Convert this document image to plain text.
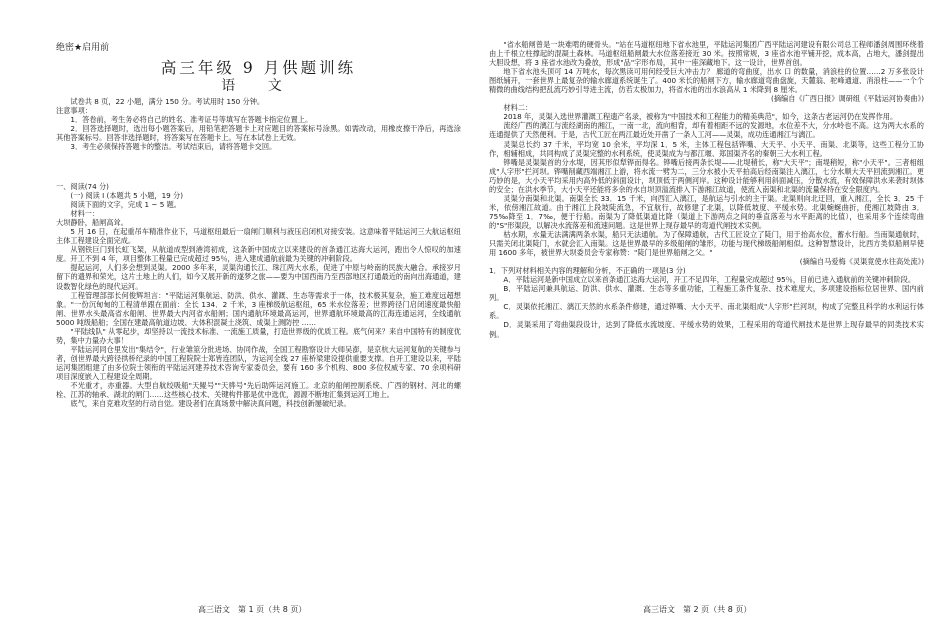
绝密★启用前
高三年级 9 月供题训练
语 文

试卷共 8 页，22 小题，满分 150 分。考试用时 150 分钟。

注意事项：

1．答卷前，考生务必将自己的姓名、准考证号等填写在答题卡指定位置上。

2．回答选择题时，选出每小题答案后，用铅笔把答题卡上对应题目的答案标号涂黑。如需改动，用橡皮擦干净后，再选涂其他答案标号。回答非选择题时，将答案写在答题卡上。写在本试卷上无效。

3．考生必须保持答题卡的整洁。考试结束后，请将答题卡交回。

一、阅读(74 分)

(一) 阅读 Ⅰ (本题共 5 小题，19 分)

阅读下面的文字，完成 1 ~ 5 题。

材料一：

大坝静卧，船闸高耸。

5 月 16 日，在起重吊车精准作业下，马道枢纽最后一扇闸门顺利与液压启闭机对接安装。这意味着平陆运河三大航运枢纽主体工程建设全面完成。

从钢铁巨门到长虹飞架，从航道成型到港湾初成，这条新中国成立以来建设的首条通江达海大运河，跑出令人惊叹的加速度。开工不到 4 年，项目整体工程量已完成超过 95％，进入建成通航前最为关键的冲刺阶段。

提起运河，人们多会想到灵渠。2000 多年来，灵渠沟通长江、珠江两大水系，促进了中原与岭南的民族大融合。承接岁月留下的遗界和荣光，这片土地上的人们，如今又展开新的遂梦之旅——要为中国西南乃至西部地区打通最近的南向出海通道，建设数智化绿色的现代运河。

工程管理部部长何俊辉坦言："平陆运河集航运、防洪、供水、灌溉、生态等需求于一体，技术极其复杂，施工难度远超想象。"一份沉甸甸的工程清单跟在面前：全长 134．2 千米，3 座梯级航运枢纽，65 米水位落差；世界跨径门启闭速度最快船闸、世界水头最高省水船闸、世界最大内河省水船闸；国内通航环境最高运河，世界通航环境最高的江海连通运河，全线通航 5000 吨级船舶；全国在建最高航道边坡、大体积混凝土浇筑、成渠上测防控 ……

"平陆线队" 从零起步，却坚持以一流技术标准、一流施工质量，打造世界级的优质工程。底气何来？来自中国特有的制度优势，集中力量办大事！

平陆运河同仓里发出"集结令"，行业雏筮分批进场、协同作战，全国工程勘察设计大师吴澎，是京杭大运河复航的关键参与者，创世界最大跨径拱桥纪录的中国工程院院士郑皆连团队，为运河全线 27 座桥梁建设提供重要支撑。自开工建设以来，平陆运河集团组建了由多位院士领衔的平陆运河建养技术咨询专家委员会，要有 160 多个机构、800 多位权威专家、70 余项科研项目深度嵌入工程建设全周期。

不光重才，亦重器。大型自航绞吸船"天鲲号""天骅号"先后助阵运河施工。北京的船闸控制系统、广西的钢材、河北的螺栓、江苏的轴承、湖北的闸门……这些核心技术、关键构件都是优中选优，源源不断地汇集到运河工地上。

底气，来自克难攻坚的行动自觉。建设者们在真场景中解决真问题，科技创新屡破纪录。

高三语文　第 1 页（共 8 页）

"省水船闸曾是一块难啃的硬骨头。"站在马道枢纽地下省水池里，平陆运河集团广西平陆运河建设有限公司总工程师潘剑周围环绕着由上千根立柱撑起的混凝土森林。马道枢纽船闸最大水位落差接近 30 米。按照常规，3 座省水池平铺开挖，成本高，占地大，潘剑提出大胆设想，将 3 座省水池改为叠放，形成"品"字形布局，其中一座深藏地下。这一设计，世界首创。

地下省水池头顶可 14 万吨水，每次黑读可用何经受巨大冲击力？ 廊道的弯曲度，出水 口 的数量，消浪柱的位置……2 万多张设计图纸铺开，一套世界上最复杂的输水廊道系统诞生了。400 米长的船闸下方，输水廊道弯曲盘旋，天麓翁、驼峰通道、消浪柱——一个个精微的曲线结构把乱流巧妙引导进主流，仿若太极加力，将省水池的出水浪高从 1 米降到 8 厘米。

(摘编自《广西日报》调研组《平陆运河协奏曲》)

材料二：

2018 年，灵渠入选世界灌溉工程遗产名录，被称为"中国技术和工程能力的精美典范"，如今，这条古老运河仍在发挥作用。

流经广西的漓江与流经湖南的湘江，一南一北，流向相背，却有着相距不远的发源地，水位差不大，分水岭也不高。这为两大水系的连通提供了天然便利。于是，古代工匠在两江最近处开凿了一条人工河——灵渠，成功连通湘江与漓江。

灵渠总长约 37 千米，平均宽 10 余米，平均深 1．5 米，主体工程包括铧嘴、大天平、小天平、南渠、北渠等，这些工程分工协作，相辅相成，共同构成了灵渠完整的水利系统，使灵渠成为与都江堰、郑国渠齐名的秦朝三大水利工程。

铧嘴是灵渠渠首的分水堤，因其形似犁铧而得名。铧嘴后接两条长堤——北堤稍长，称"大天平"；南堤稍短，称"小天平"。三者相组成"人字形"拦河坝。铧嘴削藏西端湘江上游，将水流一劈为二，三分水被小天平拍高后经南渠注入漓江，七分水顺大天平回流到湘江。更巧妙的是，大小天平均采用内高外低的斜面设计，坝顶低于两侧河岸。这种设计能够利用斜面减压，分散水流，有效保障洪水来袭时坝体的安全；在洪水季节，大小天平还能将多余的水自坝顶溢流排入下游湘江故道，使流入南渠和北渠的流量保持在安全限度内。

灵渠分南渠和北渠。南渠全长 33．15 千米，向西汇入漓江，是航运与引水的主干渠。北渠则向北迂回，重入湘江，全长 3．25 千米，依傍湘江故道。由于湘江上段坡陡流急，不宜航行，故修建了北渠，以降低坡度、平缓水势。北渠蜿蜒曲折，使湘江坡降由 3．75‰降至 1．7‰，便于行船。南渠为了降低渠道比降（渠道上下游两点之间的垂直落差与水平距离的比值），也采用多个连续弯曲的"S"形渠段，以解决水流落差和流速问题。这是世界上现存最早的弯道代闸技术实例。

枯水期，水量无法满满两条水渠，船只无法通航。为了保障通航，古代工匠设立了陡门，用于抬高水位，蓄水行船。当南渠通航时，只需关闭北渠陡门，水就会汇入南渠。这是世界最早的多级船闸的雏形，功能与现代梯级船闸相似。这种智慧设计，比西方类似船闸早使用 1600 多年，被世界大坝委员会专家称赞："陡门是世界船闸之父。"

(摘编自马爱梅《灵渠竟使水往高处流》)

1．下列对材料相关内容的理解和分析，不正确的一项是(3 分)

A．平陆运河是新中国成立以来首条通江达海大运河，开工不足四年，工程量完成超过 95％，目前已进入通航前的关键冲刺阶段。

B．平陆运河兼具航运、防洪、供水、灌溉、生态等多重功能，工程施工条件复杂、技术难度大，多项建设指标位居世界、国内前列。

C．灵渠依托湘江、漓江天然的水系条件修建，通过铧嘴、大小天平、南北渠组成"人字形"拦河坝，构成了完整且科学的水利运行体系。

D．灵渠采用了弯曲渠段设计，达到了降低水流坡度、平缓水势的效果，工程采用的弯道代闸技术是世界上现存最早的同类技术实例。

高三语文　第 2 页（共 8 页）
